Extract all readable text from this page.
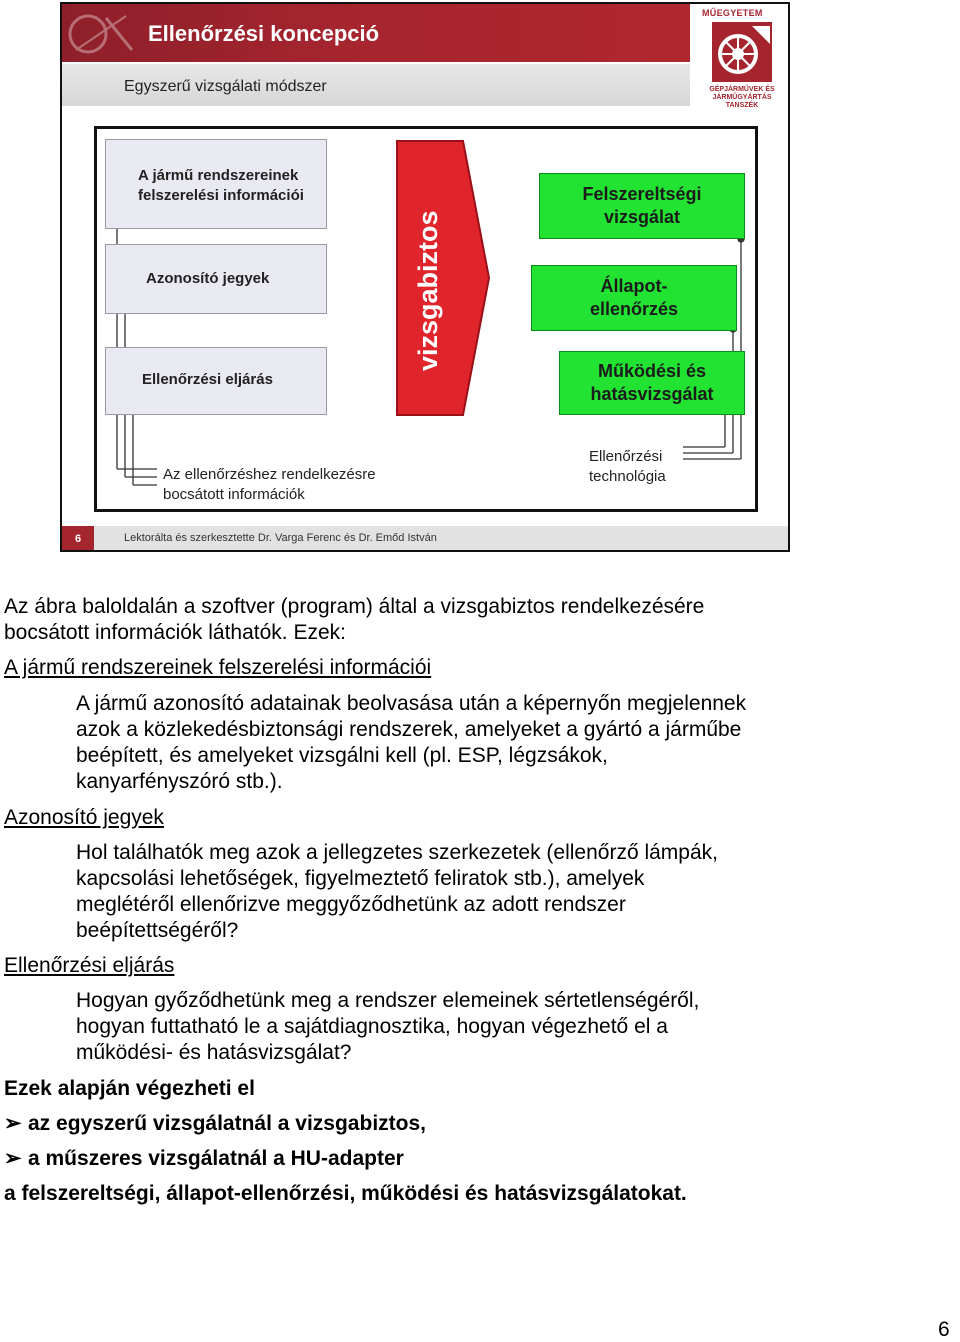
Ellenőrzési koncepció
Egyszerű vizsgálati módszer
MŰEGYETEM
GÉPJÁRMŰVEK ÉS
JÁRMŰGYÁRTÁS
TANSZÉK
A jármű rendszereinek
felszerelési információi
Azonosító jegyek
Ellenőrzési eljárás
Az ellenőrzéshez rendelkezésre
bocsátott információk
vizsgabiztos
Felszereltségi
vizsgálat
Állapot-
ellenőrzés
Működési és
hatásvizsgálat
Ellenőrzési
technológia
6	Lektorálta és szerkesztette Dr. Varga Ferenc és Dr. Emőd István
Az ábra baloldalán a szoftver (program) által a vizsgabiztos rendelkezésére
bocsátott információk láthatók. Ezek:
A jármű rendszereinek felszerelési információi
A jármű azonosító adatainak beolvasása után a képernyőn megjelennek
azok a közlekedésbiztonsági rendszerek, amelyeket a gyártó a járműbe
beépített, és amelyeket vizsgálni kell (pl. ESP, légzsákok,
kanyarfényszóró stb.).
Azonosító jegyek
Hol találhatók meg azok a jellegzetes szerkezetek (ellenőrző lámpák,
kapcsolási lehetőségek, figyelmeztető feliratok stb.), amelyek
meglétéről ellenőrizve meggyőződhetünk az adott rendszer
beépítettségéről?
Ellenőrzési eljárás
Hogyan győződhetünk meg a rendszer elemeinek sértetlenségéről,
hogyan futtatható le a sajátdiagnosztika, hogyan végezhető el a
működési- és hatásvizsgálat?
Ezek alapján végezheti el
➢ az egyszerű vizsgálatnál a vizsgabiztos,
➢ a műszeres vizsgálatnál a HU-adapter
a felszereltségi, állapot-ellenőrzési, működési és hatásvizsgálatokat.
6
